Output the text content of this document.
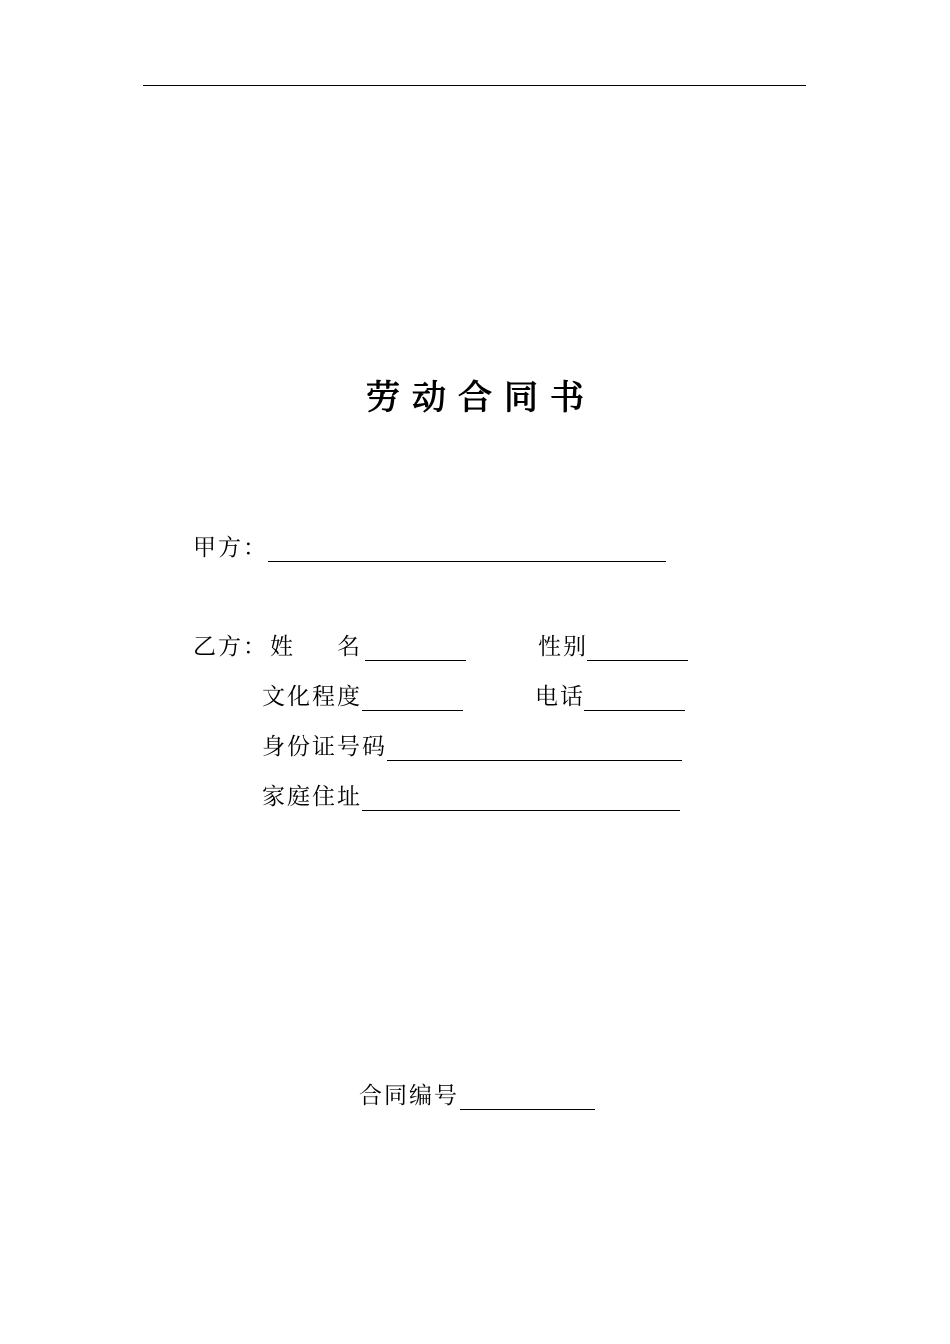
劳动合同书
甲方：
乙方： 姓 名	性别
文化程度	电话
身份证号码
家庭住址
合同编号
